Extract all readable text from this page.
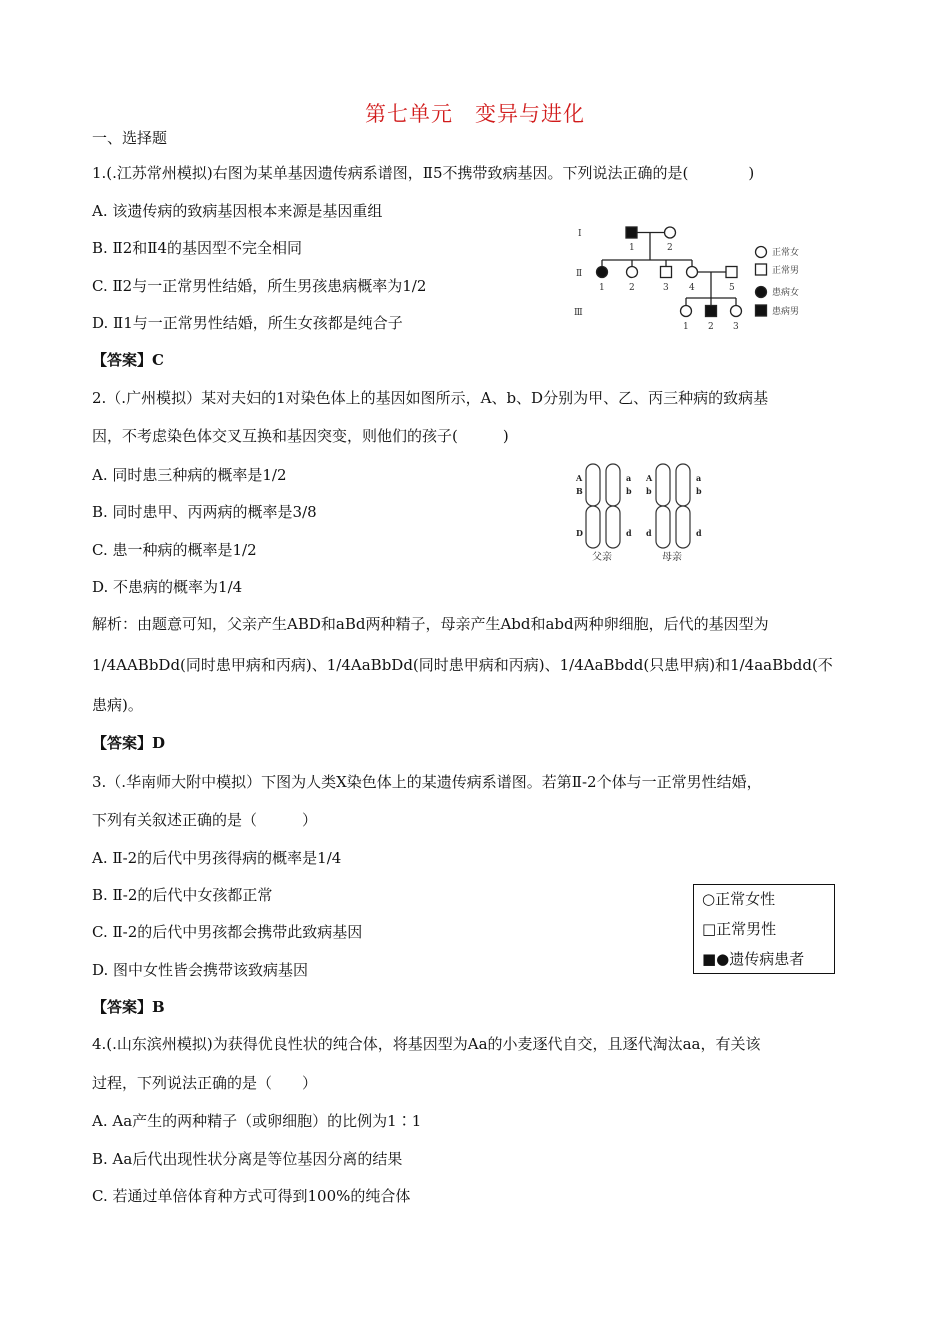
第七单元　变异与进化
一、选择题
1.(.江苏常州模拟)右图为某单基因遗传病系谱图，Ⅱ5不携带致病基因。下列说法正确的是(　　　　)
A. 该遗传病的致病基因根本来源是基因重组
B. Ⅱ2和Ⅱ4的基因型不完全相同
C. Ⅱ2与一正常男性结婚，所生男孩患病概率为1/2
D. Ⅱ1与一正常男性结婚，所生女孩都是纯合子
【答案】C
Ⅰ
Ⅱ
Ⅲ
1	2
1	2	3 4	5
1 2 3
正常女
正常男
患病女
患病男
2.（.广州模拟）某对夫妇的1对染色体上的基因如图所示，A、b、D分别为甲、乙、丙三种病的致病基
因，不考虑染色体交叉互换和基因突变，则他们的孩子(　　　)
A. 同时患三种病的概率是1/2
B. 同时患甲、丙两病的概率是3/8
C. 患一种病的概率是1/2
D. 不患病的概率为1/4
解析：由题意可知，父亲产生ABD和aBd两种精子，母亲产生Abd和abd两种卵细胞，后代的基因型为
1/4AABbDd(同时患甲病和丙病)、1/4AaBbDd(同时患甲病和丙病)、1/4AaBbdd(只患甲病)和1/4aaBbdd(不
患病)。
【答案】D
A
B
D
a
b
d
A
b
d
a
b
d
父亲	母亲
3.（.华南师大附中模拟）下图为人类X染色体上的某遗传病系谱图。若第Ⅱ-2个体与一正常男性结婚，
下列有关叙述正确的是（　　　）
A. Ⅱ-2的后代中男孩得病的概率是1/4
B. Ⅱ-2的后代中女孩都正常
C. Ⅱ-2的后代中男孩都会携带此致病基因
D. 图中女性皆会携带该致病基因
【答案】B
○正常女性
□正常男性
■●遗传病患者
4.(.山东滨州模拟)为获得优良性状的纯合体，将基因型为Aa的小麦逐代自交，且逐代淘汰aa，有关该
过程，下列说法正确的是（　　）
A. Aa产生的两种精子（或卵细胞）的比例为1∶1
B. Aa后代出现性状分离是等位基因分离的结果
C. 若通过单倍体育种方式可得到100%的纯合体
